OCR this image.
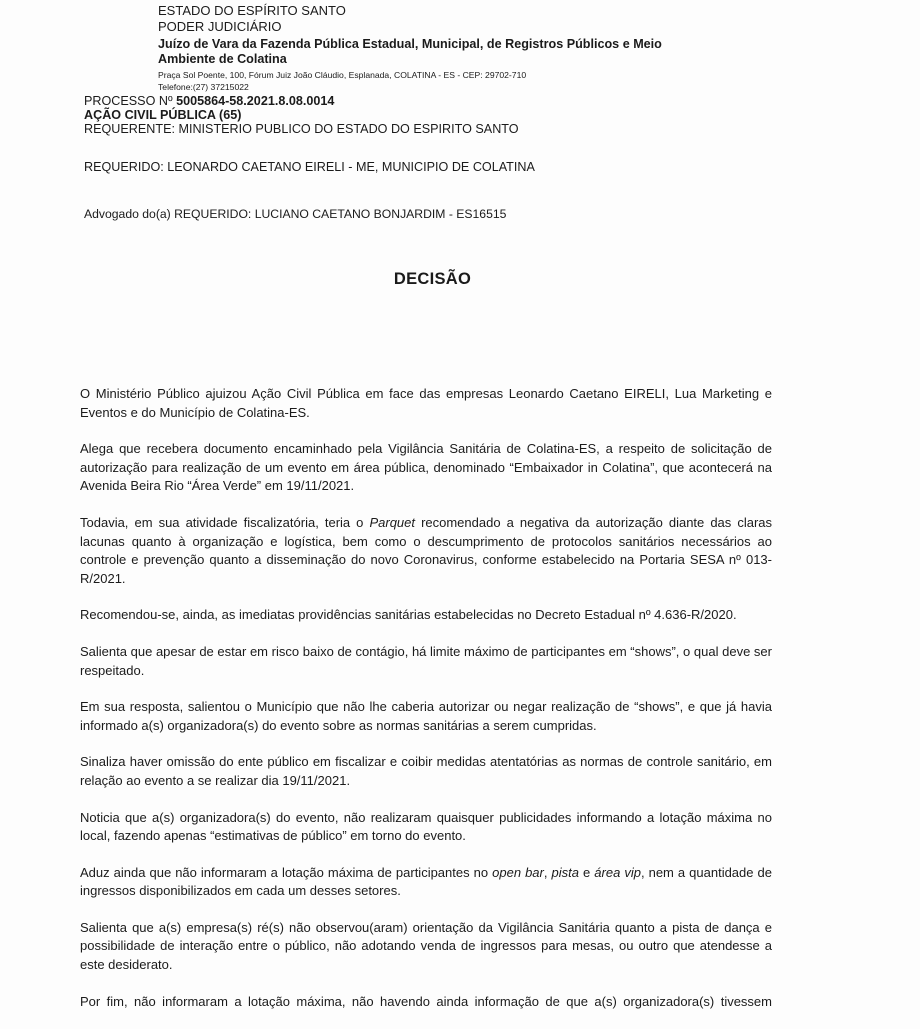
ESTADO DO ESPÍRITO SANTO
PODER JUDICIÁRIO
Juízo de Vara da Fazenda Pública Estadual, Municipal, de Registros Públicos e Meio
Ambiente de Colatina
Praça Sol Poente, 100, Fórum Juiz João Cláudio, Esplanada, COLATINA - ES - CEP: 29702-710
Telefone:(27) 37215022
PROCESSO Nº 5005864-58.2021.8.08.0014
AÇÃO CIVIL PÚBLICA (65)
REQUERENTE: MINISTERIO PUBLICO DO ESTADO DO ESPIRITO SANTO
REQUERIDO: LEONARDO CAETANO EIRELI - ME, MUNICIPIO DE COLATINA
Advogado do(a) REQUERIDO: LUCIANO CAETANO BONJARDIM - ES16515
DECISÃO

O Ministério Público ajuizou Ação Civil Pública em face das empresas Leonardo Caetano EIRELI, Lua Marketing e Eventos e do Município de Colatina-ES.

Alega que recebera documento encaminhado pela Vigilância Sanitária de Colatina-ES, a respeito de solicitação de autorização para realização de um evento em área pública, denominado “Embaixador in Colatina”, que acontecerá na Avenida Beira Rio “Área Verde” em 19/11/2021.

Todavia, em sua atividade fiscalizatória, teria o Parquet recomendado a negativa da autorização diante das claras lacunas quanto à organização e logística, bem como o descumprimento de protocolos sanitários necessários ao controle e prevenção quanto a disseminação do novo Coronavirus, conforme estabelecido na Portaria SESA nº 013-R/2021.

Recomendou-se, ainda, as imediatas providências sanitárias estabelecidas no Decreto Estadual nº 4.636-R/2020.

Salienta que apesar de estar em risco baixo de contágio, há limite máximo de participantes em “shows”, o qual deve ser respeitado.

Em sua resposta, salientou o Município que não lhe caberia autorizar ou negar realização de “shows”, e que já havia informado a(s) organizadora(s) do evento sobre as normas sanitárias a serem cumpridas.

Sinaliza haver omissão do ente público em fiscalizar e coibir medidas atentatórias as normas de controle sanitário, em relação ao evento a se realizar dia 19/11/2021.

Noticia que a(s) organizadora(s) do evento, não realizaram quaisquer publicidades informando a lotação máxima no local, fazendo apenas “estimativas de público” em torno do evento.

Aduz ainda que não informaram a lotação máxima de participantes no open bar, pista e área vip, nem a quantidade de ingressos disponibilizados em cada um desses setores.

Salienta que a(s) empresa(s) ré(s) não observou(aram) orientação da Vigilância Sanitária quanto a pista de dança e possibilidade de interação entre o público, não adotando venda de ingressos para mesas, ou outro que atendesse a este desiderato.

Por fim, não informaram a lotação máxima, não havendo ainda informação de que a(s) organizadora(s) tivessem
